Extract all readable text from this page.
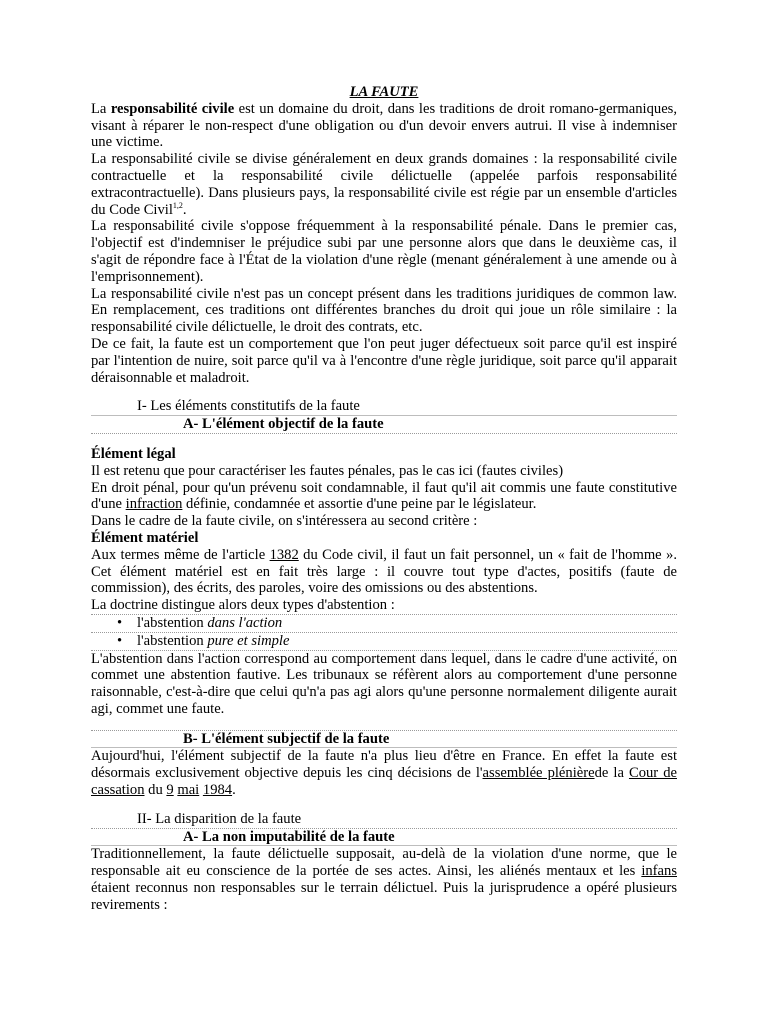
LA FAUTE

La responsabilité civile est un domaine du droit, dans les traditions de droit romano-germaniques, visant à réparer le non-respect d'une obligation ou d'un devoir envers autrui. Il vise à indemniser une victime.

La responsabilité civile se divise généralement en deux grands domaines : la responsabilité civile contractuelle et la responsabilité civile délictuelle (appelée parfois responsabilité extracontractuelle). Dans plusieurs pays, la responsabilité civile est régie par un ensemble d'articles du Code Civil$^{1,2}$.

La responsabilité civile s'oppose fréquemment à la responsabilité pénale. Dans le premier cas, l'objectif est d'indemniser le préjudice subi par une personne alors que dans le deuxième cas, il s'agit de répondre face à l'État de la violation d'une règle (menant généralement à une amende ou à l'emprisonnement).

La responsabilité civile n'est pas un concept présent dans les traditions juridiques de common law. En remplacement, ces traditions ont différentes branches du droit qui joue un rôle similaire : la responsabilité civile délictuelle, le droit des contrats, etc.

De ce fait, la faute est un comportement que l'on peut juger défectueux soit parce qu'il est inspiré par l'intention de nuire, soit parce qu'il va à l'encontre d'une règle juridique, soit parce qu'il apparait déraisonnable et maladroit.

I- Les éléments constitutifs de la faute
A- L'élément objectif de la faute

Élément légal

Il est retenu que pour caractériser les fautes pénales, pas le cas ici (fautes civiles)

En droit pénal, pour qu'un prévenu soit condamnable, il faut qu'il ait commis une faute constitutive d'une infraction définie, condamnée et assortie d'une peine par le législateur.

Dans le cadre de la faute civile, on s'intéressera au second critère :

Élément matériel

Aux termes même de l'article 1382 du Code civil, il faut un fait personnel, un « fait de l'homme ». Cet élément matériel est en fait très large : il couvre tout type d'actes, positifs (faute de commission), des écrits, des paroles, voire des omissions ou des abstentions.

La doctrine distingue alors deux types d'abstention :

• l'abstention dans l'action
• l'abstention pure et simple

L'abstention dans l'action correspond au comportement dans lequel, dans le cadre d'une activité, on commet une abstention fautive. Les tribunaux se réfèrent alors au comportement d'une personne raisonnable, c'est-à-dire que celui qu'n'a pas agi alors qu'une personne normalement diligente aurait agi, commet une faute.

B- L'élément subjectif de la faute

Aujourd'hui, l'élément subjectif de la faute n'a plus lieu d'être en France. En effet la faute est désormais exclusivement objective depuis les cinq décisions de l'assemblée plénièrede la Cour de cassation du 9 mai 1984.

II- La disparition de la faute
A- La non imputabilité de la faute

Traditionnellement, la faute délictuelle supposait, au-delà de la violation d'une norme, que le responsable ait eu conscience de la portée de ses actes. Ainsi, les aliénés mentaux et les infans étaient reconnus non responsables sur le terrain délictuel. Puis la jurisprudence a opéré plusieurs revirements :
